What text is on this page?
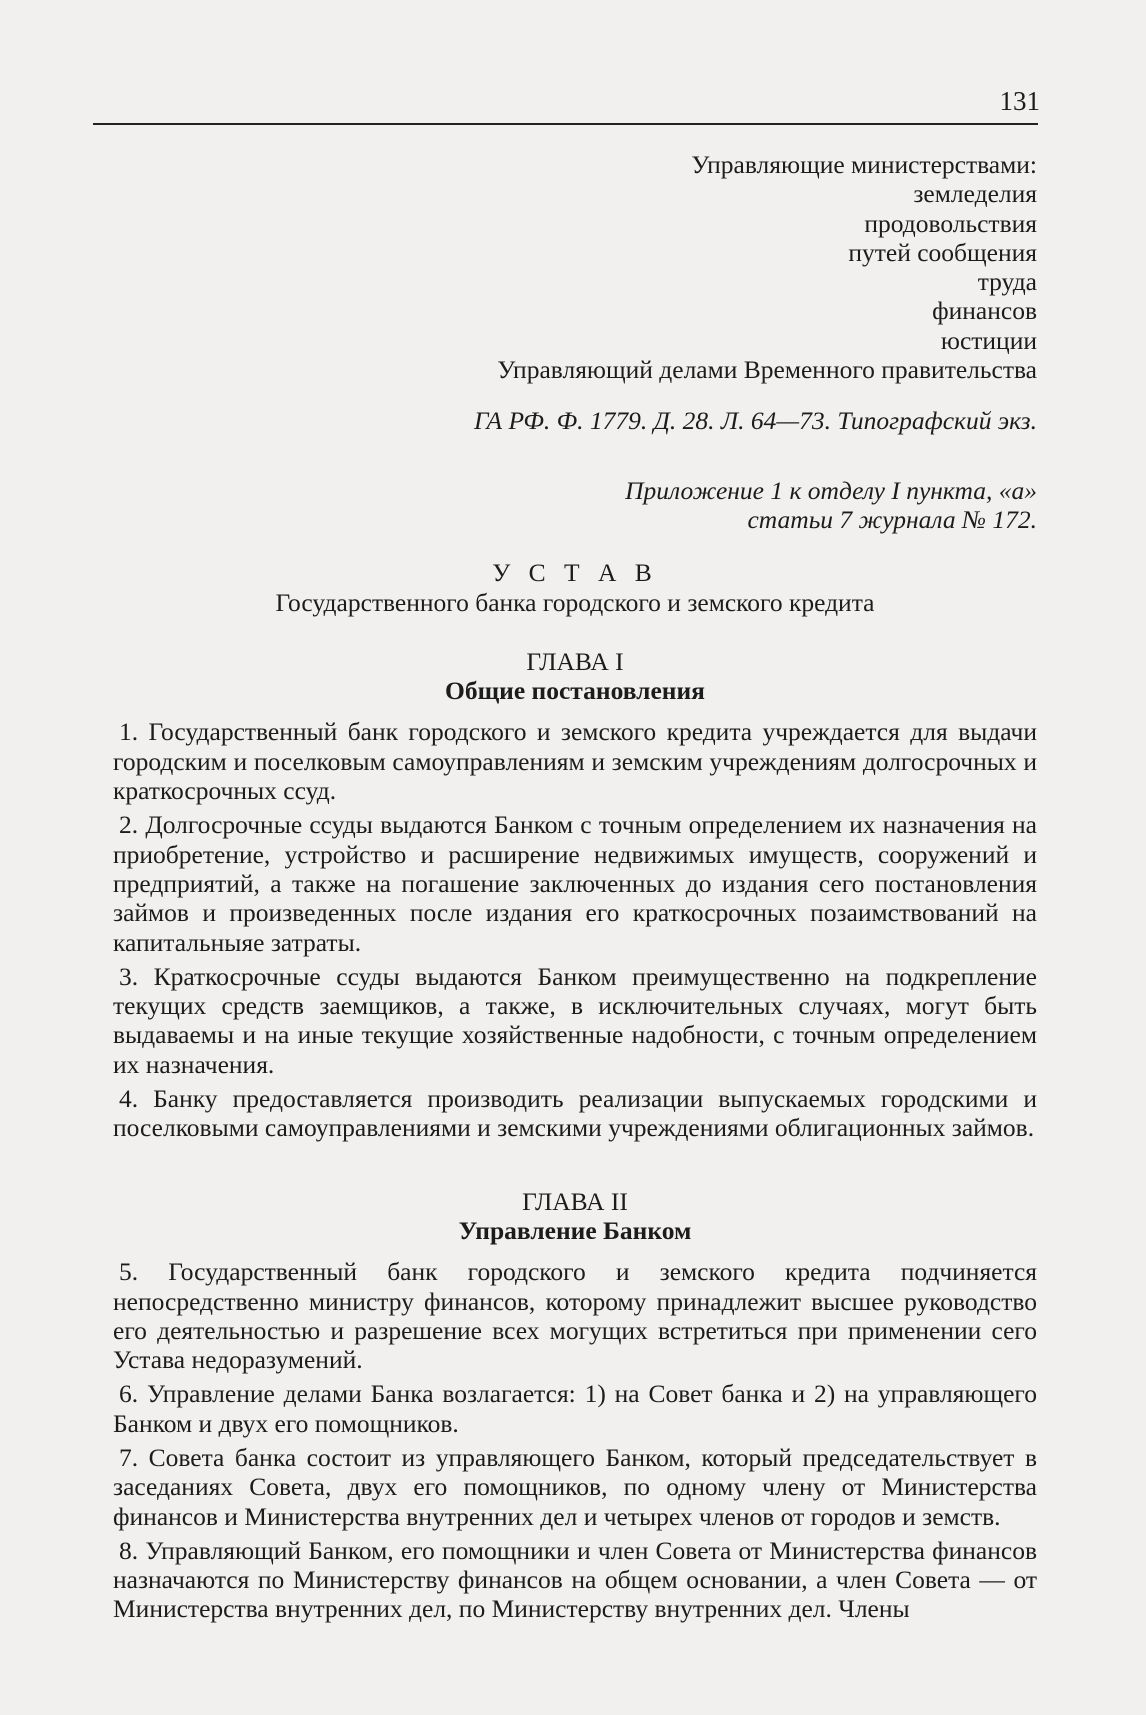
131
Управляющие министерствами:
земледелия
продовольствия
путей сообщения
труда
финансов
юстиции
Управляющий делами Временного правительства
ГА РФ. Ф. 1779. Д. 28. Л. 64—73. Типографский экз.
Приложение 1 к отделу I пункта, «а»
статьи 7 журнала № 172.
У С Т А В
Государственного банка городского и земского кредита
ГЛАВА I
Общие постановления

1. Государственный банк городского и земского кредита учреждается для выдачи городским и поселковым самоуправлениям и земским учреждениям долгосрочных и краткосрочных ссуд.

2. Долгосрочные ссуды выдаются Банком с точным определением их назначения на приобретение, устройство и расширение недвижимых имуществ, сооружений и предприятий, а также на погашение заключенных до издания сего постановления займов и произведенных после издания его краткосрочных позаимствований на капитальныяе затраты.

3. Краткосрочные ссуды выдаются Банком преимущественно на подкрепление текущих средств заемщиков, а также, в исключительных случаях, могут быть выдаваемы и на иные текущие хозяйственные надобности, с точным определением их назначения.

4. Банку предоставляется производить реализации выпускаемых городскими и поселковыми самоуправлениями и земскими учреждениями облигационных займов.

ГЛАВА II
Управление Банком

5. Государственный банк городского и земского кредита подчиняется непосредственно министру финансов, которому принадлежит высшее руководство его деятельностью и разрешение всех могущих встретиться при применении сего Устава недоразумений.

6. Управление делами Банка возлагается: 1) на Совет банка и 2) на управляющего Банком и двух его помощников.

7. Совета банка состоит из управляющего Банком, который председательствует в заседаниях Совета, двух его помощников, по одному члену от Министерства финансов и Министерства внутренних дел и четырех членов от городов и земств.

8. Управляющий Банком, его помощники и член Совета от Министерства финансов назначаются по Министерству финансов на общем основании, а член Совета — от Министерства внутренних дел, по Министерству внутренних дел. Члены
